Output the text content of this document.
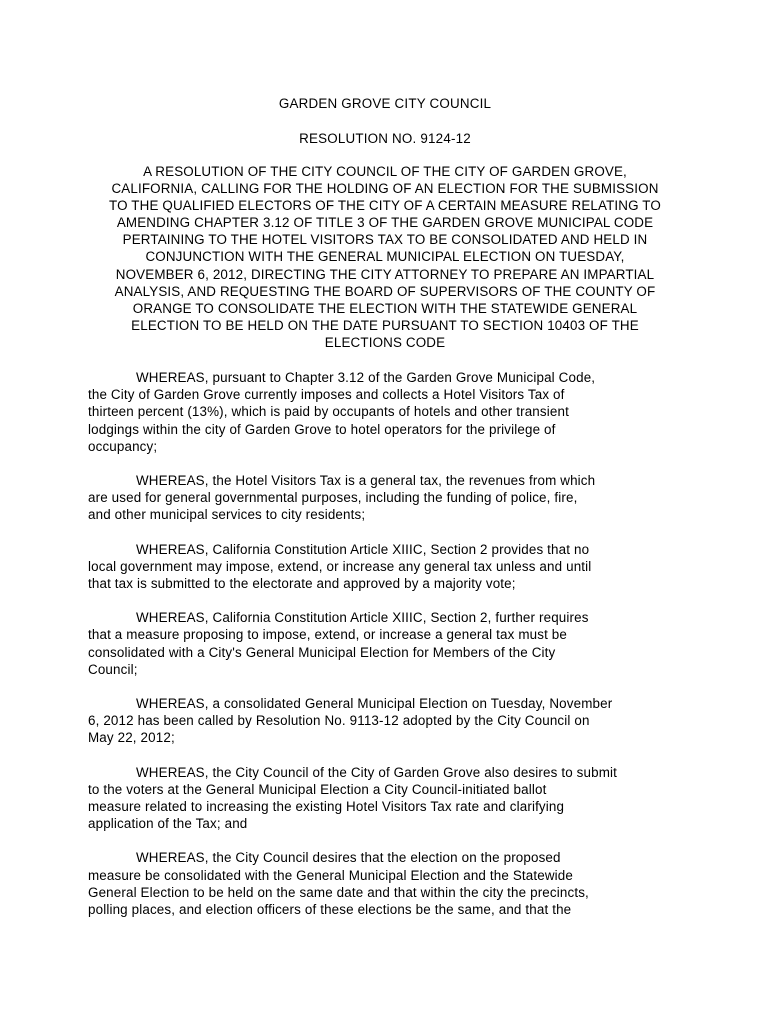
GARDEN GROVE CITY COUNCIL
RESOLUTION NO. 9124-12
A RESOLUTION OF THE CITY COUNCIL OF THE CITY OF GARDEN GROVE,
CALIFORNIA, CALLING FOR THE HOLDING OF AN ELECTION FOR THE SUBMISSION
TO THE QUALIFIED ELECTORS OF THE CITY OF A CERTAIN MEASURE RELATING TO
AMENDING CHAPTER 3.12 OF TITLE 3 OF THE GARDEN GROVE MUNICIPAL CODE
PERTAINING TO THE HOTEL VISITORS TAX TO BE CONSOLIDATED AND HELD IN
CONJUNCTION WITH THE GENERAL MUNICIPAL ELECTION ON TUESDAY,
NOVEMBER 6, 2012, DIRECTING THE CITY ATTORNEY TO PREPARE AN IMPARTIAL
ANALYSIS, AND REQUESTING THE BOARD OF SUPERVISORS OF THE COUNTY OF
ORANGE TO CONSOLIDATE THE ELECTION WITH THE STATEWIDE GENERAL
ELECTION TO BE HELD ON THE DATE PURSUANT TO SECTION 10403 OF THE
ELECTIONS CODE

WHEREAS, pursuant to Chapter 3.12 of the Garden Grove Municipal Code,
the City of Garden Grove currently imposes and collects a Hotel Visitors Tax of
thirteen percent (13%), which is paid by occupants of hotels and other transient
lodgings within the city of Garden Grove to hotel operators for the privilege of
occupancy;

WHEREAS, the Hotel Visitors Tax is a general tax, the revenues from which
are used for general governmental purposes, including the funding of police, fire,
and other municipal services to city residents;

WHEREAS, California Constitution Article XIIIC, Section 2 provides that no
local government may impose, extend, or increase any general tax unless and until
that tax is submitted to the electorate and approved by a majority vote;

WHEREAS, California Constitution Article XIIIC, Section 2, further requires
that a measure proposing to impose, extend, or increase a general tax must be
consolidated with a City's General Municipal Election for Members of the City
Council;

WHEREAS, a consolidated General Municipal Election on Tuesday, November
6, 2012 has been called by Resolution No. 9113-12 adopted by the City Council on
May 22, 2012;

WHEREAS, the City Council of the City of Garden Grove also desires to submit
to the voters at the General Municipal Election a City Council-initiated ballot
measure related to increasing the existing Hotel Visitors Tax rate and clarifying
application of the Tax; and

WHEREAS, the City Council desires that the election on the proposed
measure be consolidated with the General Municipal Election and the Statewide
General Election to be held on the same date and that within the city the precincts,
polling places, and election officers of these elections be the same, and that the
